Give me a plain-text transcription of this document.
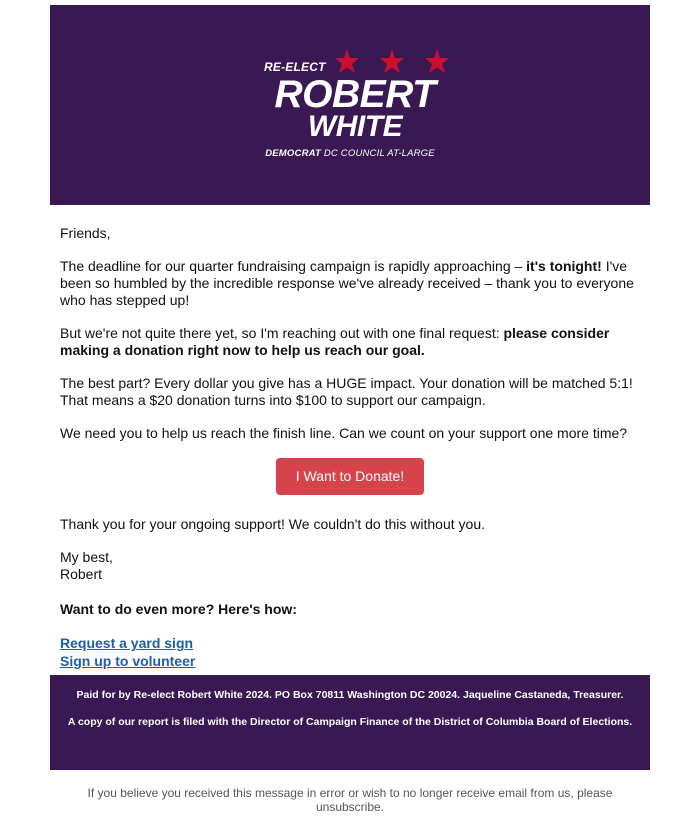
RE-ELECT
ROBERT
WHITE
DEMOCRAT DC COUNCIL AT-LARGE

Friends,

The deadline for our quarter fundraising campaign is rapidly approaching – it's tonight! I've been so humbled by the incredible response we've already received – thank you to everyone who has stepped up!

But we're not quite there yet, so I'm reaching out with one final request: please consider making a donation right now to help us reach our goal.

The best part? Every dollar you give has a HUGE impact. Your donation will be matched 5:1! That means a $20 donation turns into $100 to support our campaign.

We need you to help us reach the finish line. Can we count on your support one more time?

I Want to Donate!

Thank you for your ongoing support! We couldn't do this without you.

My best,
Robert

Want to do even more? Here's how:

Request a yard sign
Sign up to volunteer
Paid for by Re-elect Robert White 2024. PO Box 70811 Washington DC 20024. Jaqueline Castaneda, Treasurer.
A copy of our report is filed with the Director of Campaign Finance of the District of Columbia Board of Elections.
If you believe you received this message in error or wish to no longer receive email from us, please unsubscribe.
